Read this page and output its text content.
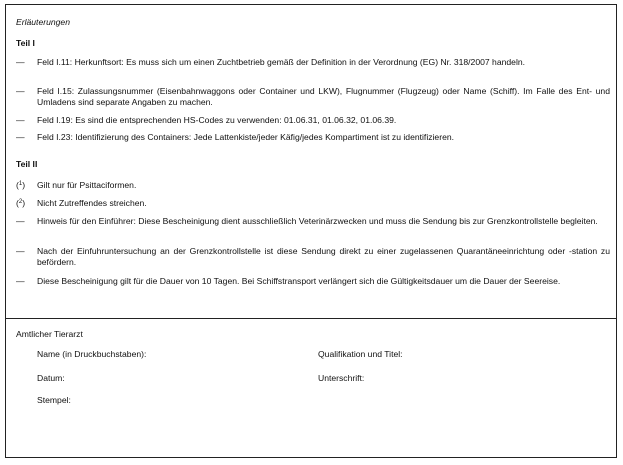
Erläuterungen
Teil I
—	Feld I.11: Herkunftsort: Es muss sich um einen Zuchtbetrieb gemäß der Definition in der Verordnung (EG) Nr. 318/2007 handeln.
—	Feld I.15: Zulassungsnummer (Eisenbahnwaggons oder Container und LKW), Flugnummer (Flugzeug) oder Name (Schiff). Im Falle des Ent- und Umladens sind separate Angaben zu machen.
—	Feld I.19: Es sind die entsprechenden HS-Codes zu verwenden: 01.06.31, 01.06.32, 01.06.39.
—	Feld I.23: Identifizierung des Containers: Jede Lattenkiste/jeder Käfig/jedes Kompartiment ist zu identifizieren.
Teil II
($^1$) Gilt nur für Psittaciformen.
($^2$) Nicht Zutreffendes streichen.
—	Hinweis für den Einführer: Diese Bescheinigung dient ausschließlich Veterinärzwecken und muss die Sendung bis zur Grenzkontrollstelle begleiten.
—	Nach der Einfuhruntersuchung an der Grenzkontrollstelle ist diese Sendung direkt zu einer zugelassenen Quarantäneeinrichtung oder -station zu befördern.
—	Diese Bescheinigung gilt für die Dauer von 10 Tagen. Bei Schiffstransport verlängert sich die Gültigkeitsdauer um die Dauer der Seereise.
Amtlicher Tierarzt
Name (in Druckbuchstaben):	Qualifikation und Titel:
Datum:	Unterschrift:
Stempel:
